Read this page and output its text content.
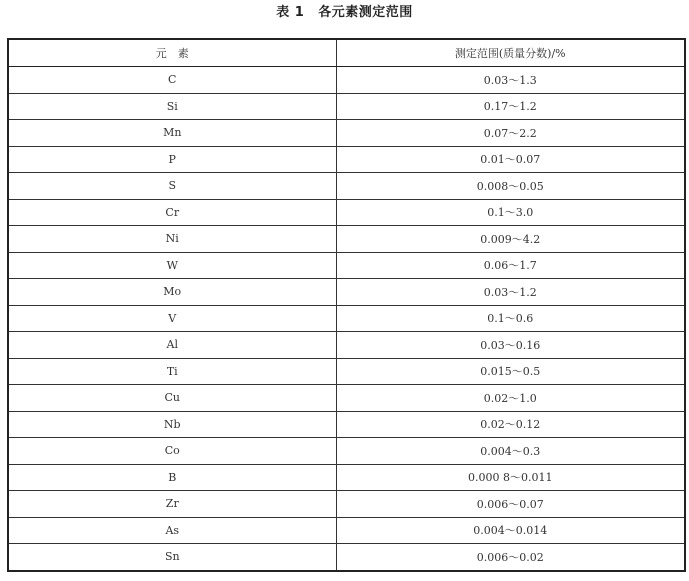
表 1 各元素测定范围
元　素	测定范围(质量分数)/%
C	0.03～1.3
Si	0.17～1.2
Mn	0.07～2.2
P	0.01～0.07
S	0.008～0.05
Cr	0.1～3.0
Ni	0.009～4.2
W	0.06～1.7
Mo	0.03～1.2
V	0.1～0.6
Al	0.03～0.16
Ti	0.015～0.5
Cu	0.02～1.0
Nb	0.02～0.12
Co	0.004～0.3
B	0.000 8～0.011
Zr	0.006～0.07
As	0.004～0.014
Sn	0.006～0.02
